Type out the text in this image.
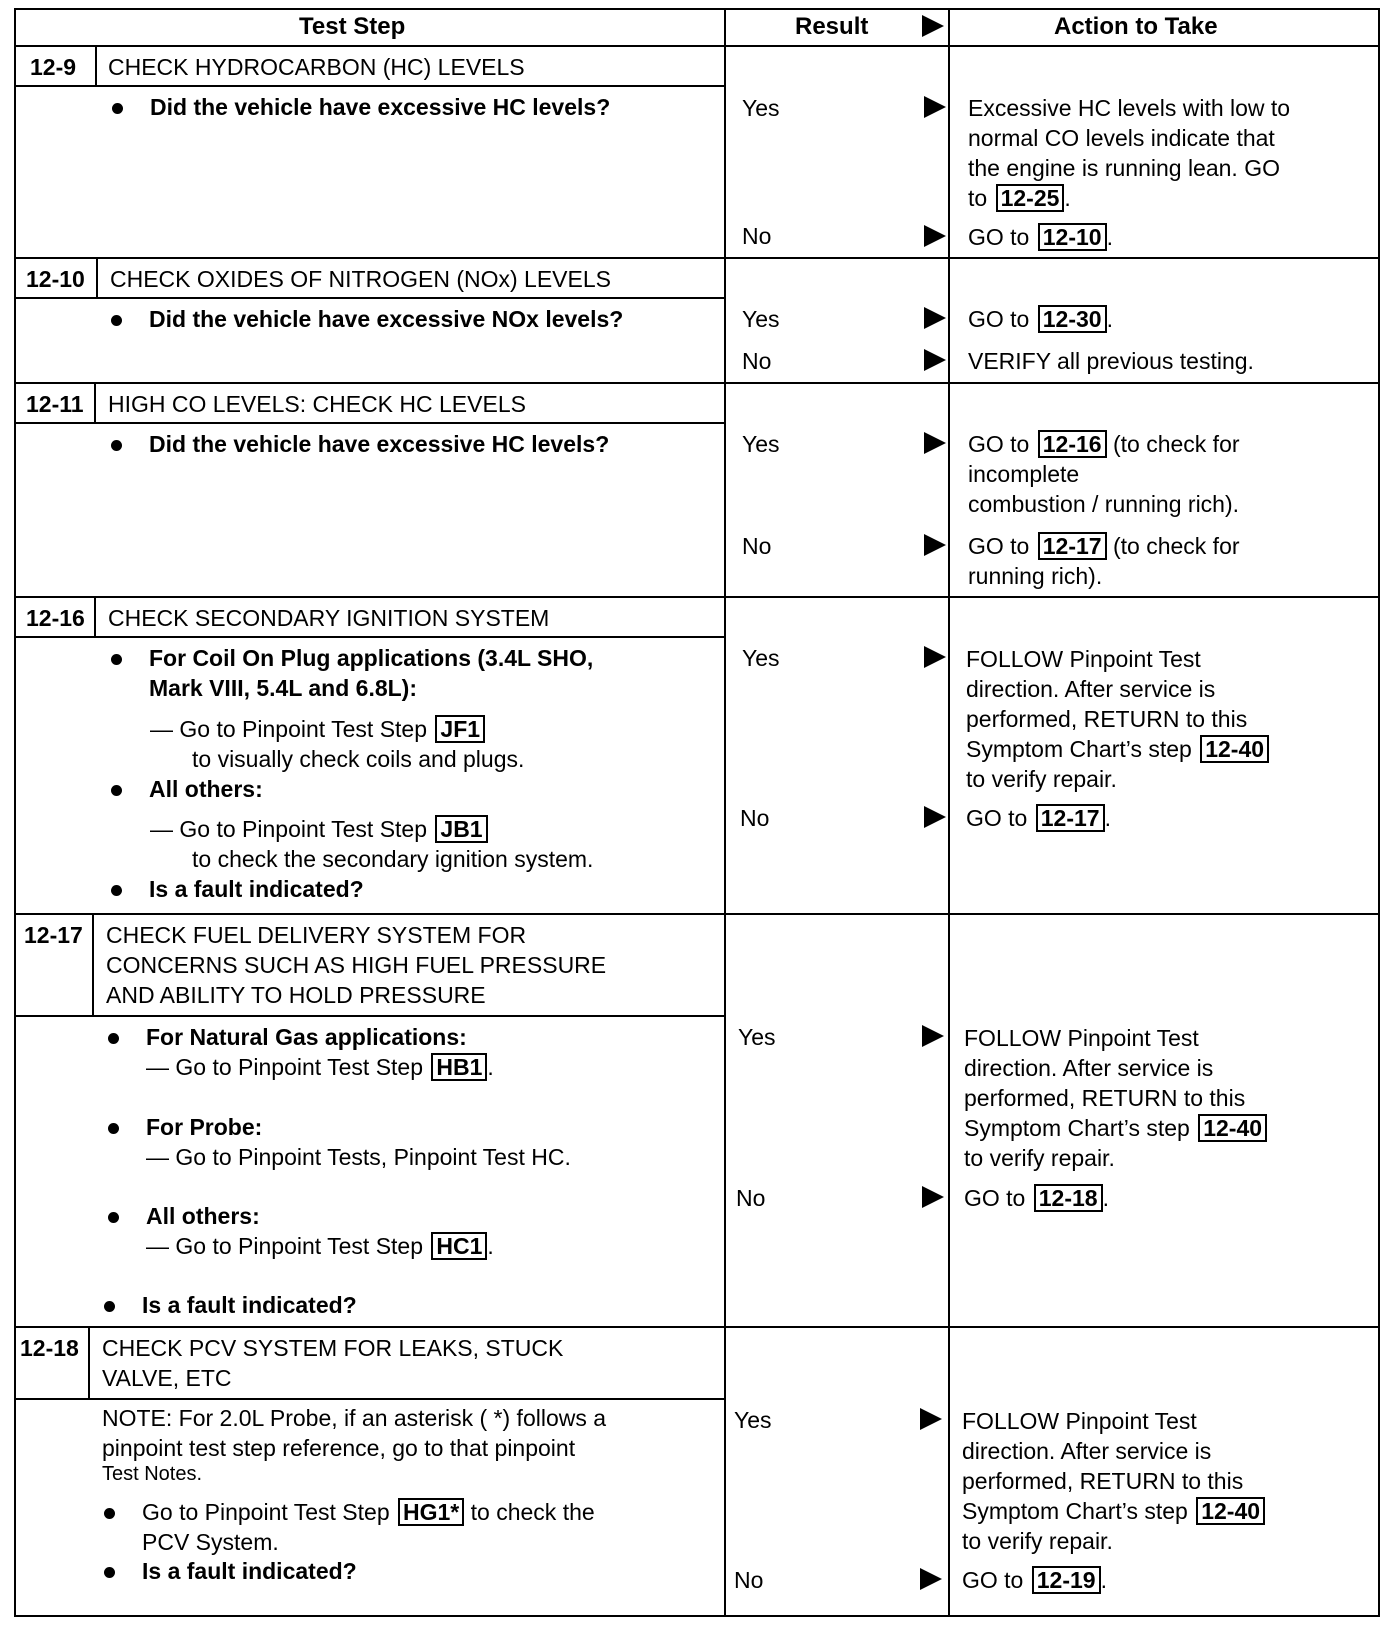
Test Step	Result	Action to Take
12-9 CHECK HYDROCARBON (HC) LEVELS
Did the vehicle have excessive HC levels?	Yes	Excessive HC levels with low to
normal CO levels indicate that
the engine is running lean. GO
to 12-25 .
No	GO to 12-10 .
12-10 CHECK OXIDES OF NITROGEN (NOx) LEVELS
Did the vehicle have excessive NOx levels?	Yes	GO to 12-30 .
No	VERIFY all previous testing.
12-11 HIGH CO LEVELS: CHECK HC LEVELS
Did the vehicle have excessive HC levels?	Yes	GO to 12-16 (to check for
incomplete
combustion / running rich).
No	GO to 12-17 (to check for
running rich).
12-16 CHECK SECONDARY IGNITION SYSTEM
For Coil On Plug applications (3.4L SHO,
Mark VIII, 5.4L and 6.8L):
— Go to Pinpoint Test Step JF1
to visually check coils and plugs.
All others:
— Go to Pinpoint Test Step JB1
to check the secondary ignition system.
Is a fault indicated?
Yes	FOLLOW Pinpoint Test
direction. After service is
performed, RETURN to this
Symptom Chart’s step 12-40
to verify repair.
No	GO to 12-17 .
12-17 CHECK FUEL DELIVERY SYSTEM FOR
CONCERNS SUCH AS HIGH FUEL PRESSURE
AND ABILITY TO HOLD PRESSURE
For Natural Gas applications:
— Go to Pinpoint Test Step HB1 .
For Probe:
— Go to Pinpoint Tests, Pinpoint Test HC.
All others:
— Go to Pinpoint Test Step HC1 .
Is a fault indicated?
Yes	FOLLOW Pinpoint Test
direction. After service is
performed, RETURN to this
Symptom Chart’s step 12-40
to verify repair.
No	GO to 12-18 .
12-18 CHECK PCV SYSTEM FOR LEAKS, STUCK
VALVE, ETC
NOTE: For 2.0L Probe, if an asterisk ( *) follows a
pinpoint test step reference, go to that pinpoint
Test Notes.
Go to Pinpoint Test Step HG1* to check the
PCV System.
Is a fault indicated?
Yes	FOLLOW Pinpoint Test
direction. After service is
performed, RETURN to this
Symptom Chart’s step 12-40
to verify repair.
No	GO to 12-19 .
